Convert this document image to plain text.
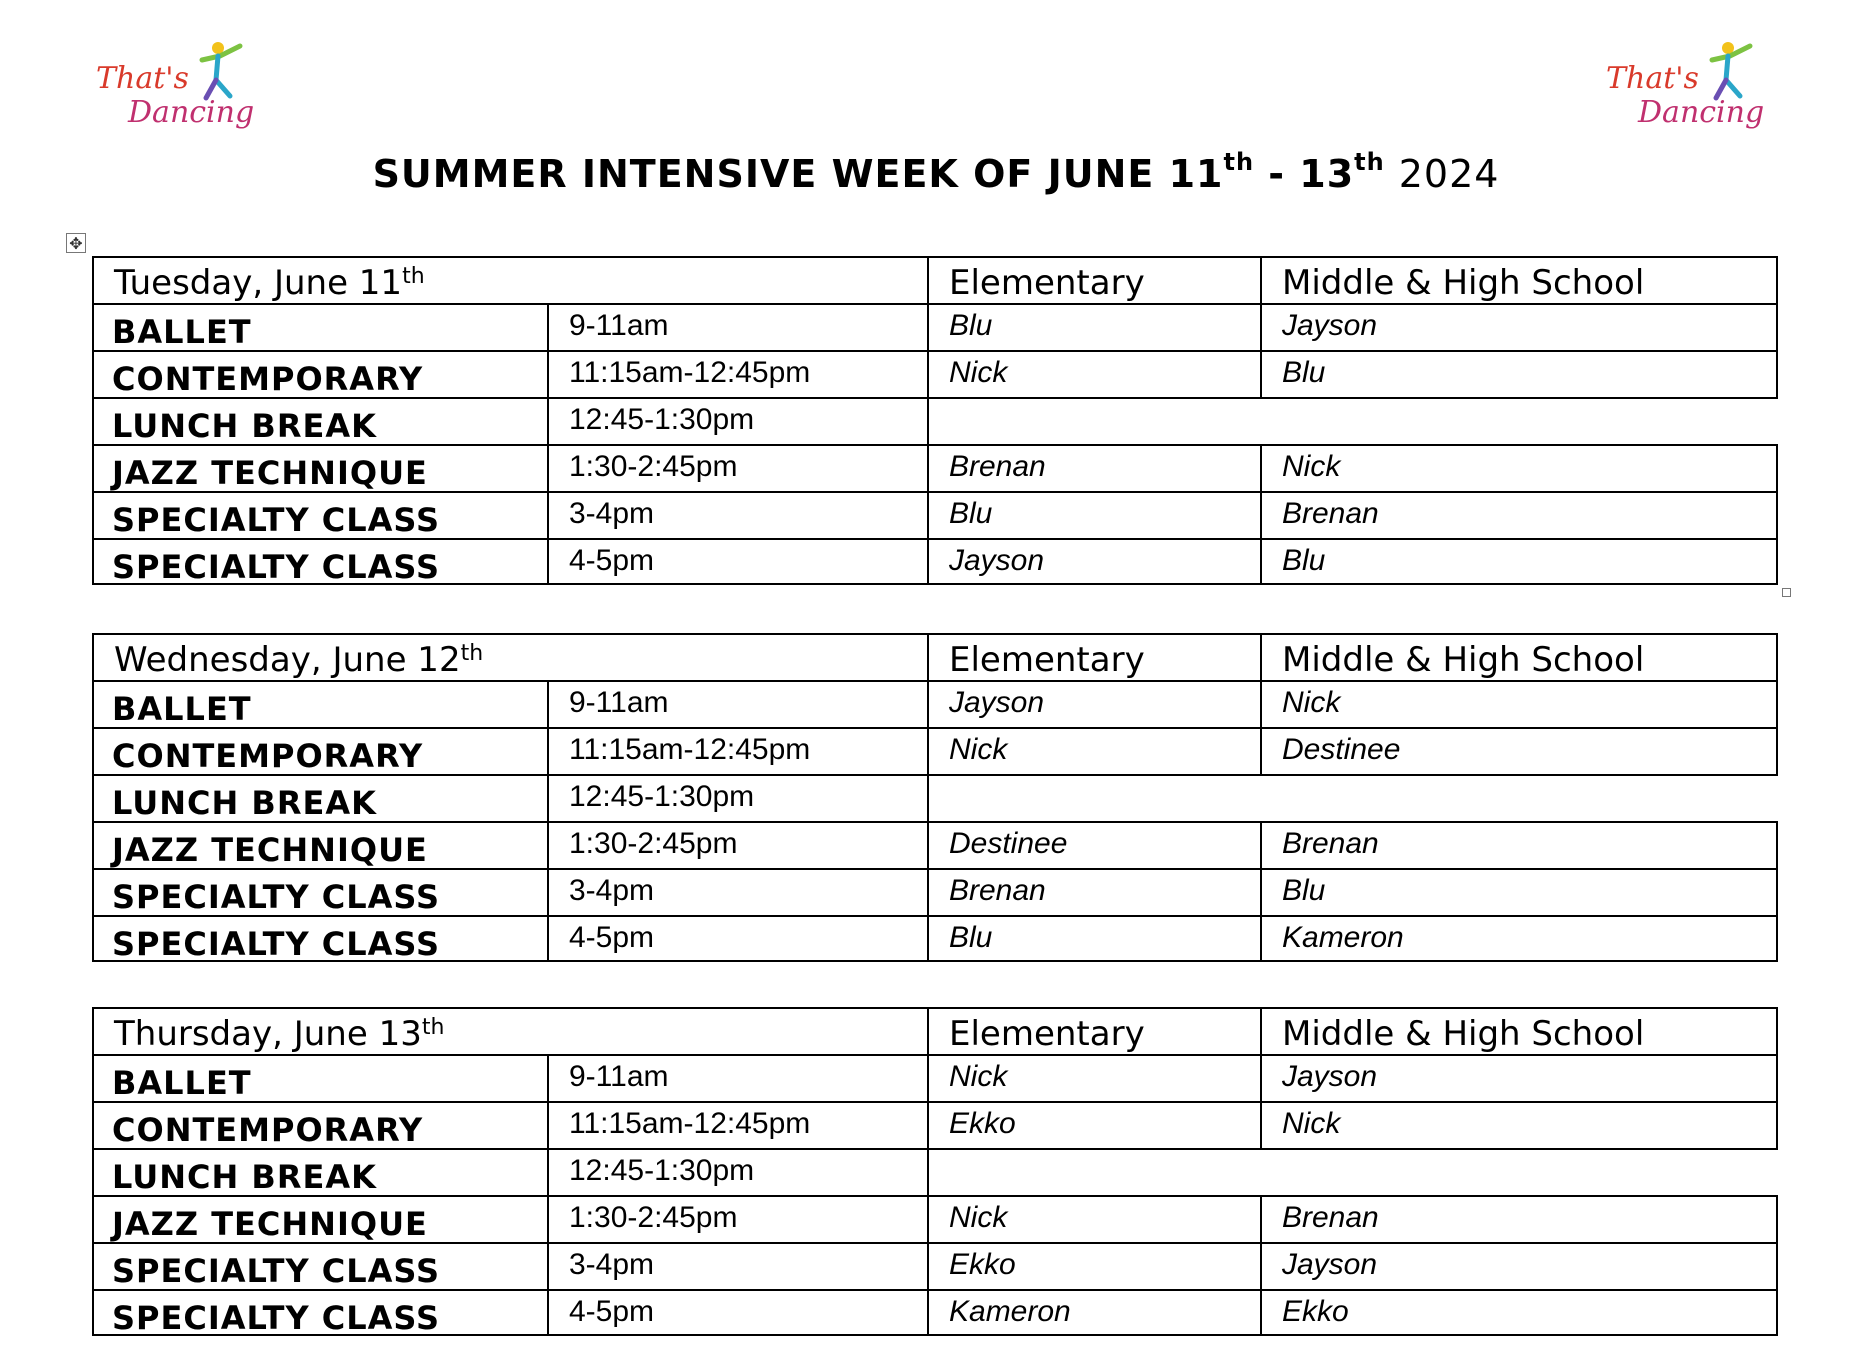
That's
Dancing
That's
Dancing
SUMMER INTENSIVE WEEK OF JUNE 11th - 13th 2024
✥
Tuesday, June 11th	Elementary	Middle & High School
BALLET	9-11am	Blu	Jayson
CONTEMPORARY	11:15am-12:45pm	Nick	Blu
LUNCH BREAK	12:45-1:30pm
JAZZ TECHNIQUE	1:30-2:45pm	Brenan	Nick
SPECIALTY CLASS	3-4pm	Blu	Brenan
SPECIALTY CLASS	4-5pm	Jayson	Blu
Wednesday, June 12th	Elementary	Middle & High School
BALLET	9-11am	Jayson	Nick
CONTEMPORARY	11:15am-12:45pm	Nick	Destinee
LUNCH BREAK	12:45-1:30pm
JAZZ TECHNIQUE	1:30-2:45pm	Destinee	Brenan
SPECIALTY CLASS	3-4pm	Brenan	Blu
SPECIALTY CLASS	4-5pm	Blu	Kameron
Thursday, June 13th	Elementary	Middle & High School
BALLET	9-11am	Nick	Jayson
CONTEMPORARY	11:15am-12:45pm	Ekko	Nick
LUNCH BREAK	12:45-1:30pm
JAZZ TECHNIQUE	1:30-2:45pm	Nick	Brenan
SPECIALTY CLASS	3-4pm	Ekko	Jayson
SPECIALTY CLASS	4-5pm	Kameron	Ekko
